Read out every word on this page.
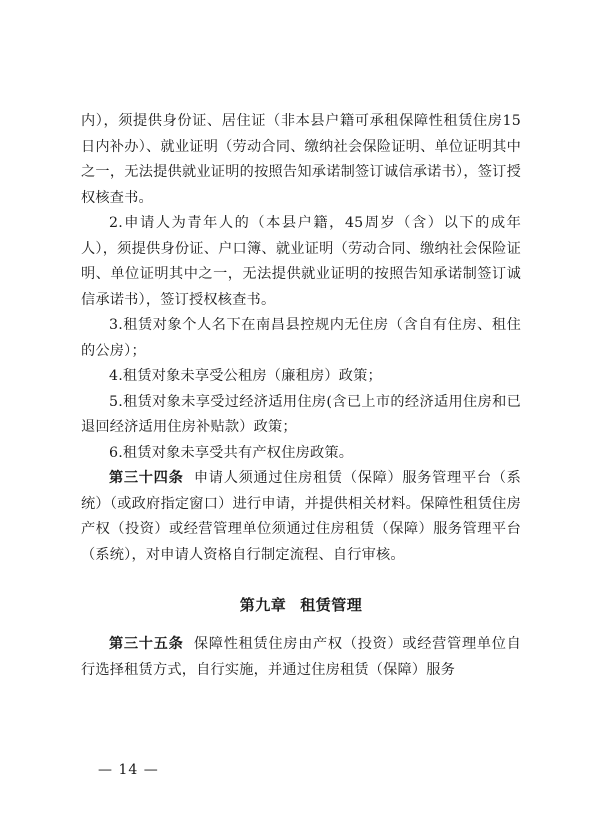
内），须提供身份证、居住证（非本县户籍可承租保障性租赁住房15日内补办）、就业证明（劳动合同、缴纳社会保险证明、单位证明其中之一，无法提供就业证明的按照告知承诺制签订诚信承诺书），签订授权核查书。

2.申请人为青年人的（本县户籍，45周岁（含）以下的成年人），须提供身份证、户口簿、就业证明（劳动合同、缴纳社会保险证明、单位证明其中之一，无法提供就业证明的按照告知承诺制签订诚信承诺书），签订授权核查书。

3.租赁对象个人名下在南昌县控规内无住房（含自有住房、租住的公房）；

4.租赁对象未享受公租房（廉租房）政策；

5.租赁对象未享受过经济适用住房(含已上市的经济适用住房和已退回经济适用住房补贴款）政策；

6.租赁对象未享受共有产权住房政策。

第三十四条 申请人须通过住房租赁（保障）服务管理平台（系统）（或政府指定窗口）进行申请，并提供相关材料。保障性租赁住房产权（投资）或经营管理单位须通过住房租赁（保障）服务管理平台（系统），对申请人资格自行制定流程、自行审核。

第九章 租赁管理

第三十五条 保障性租赁住房由产权（投资）或经营管理单位自行选择租赁方式，自行实施，并通过住房租赁（保障）服务

— 14 —
